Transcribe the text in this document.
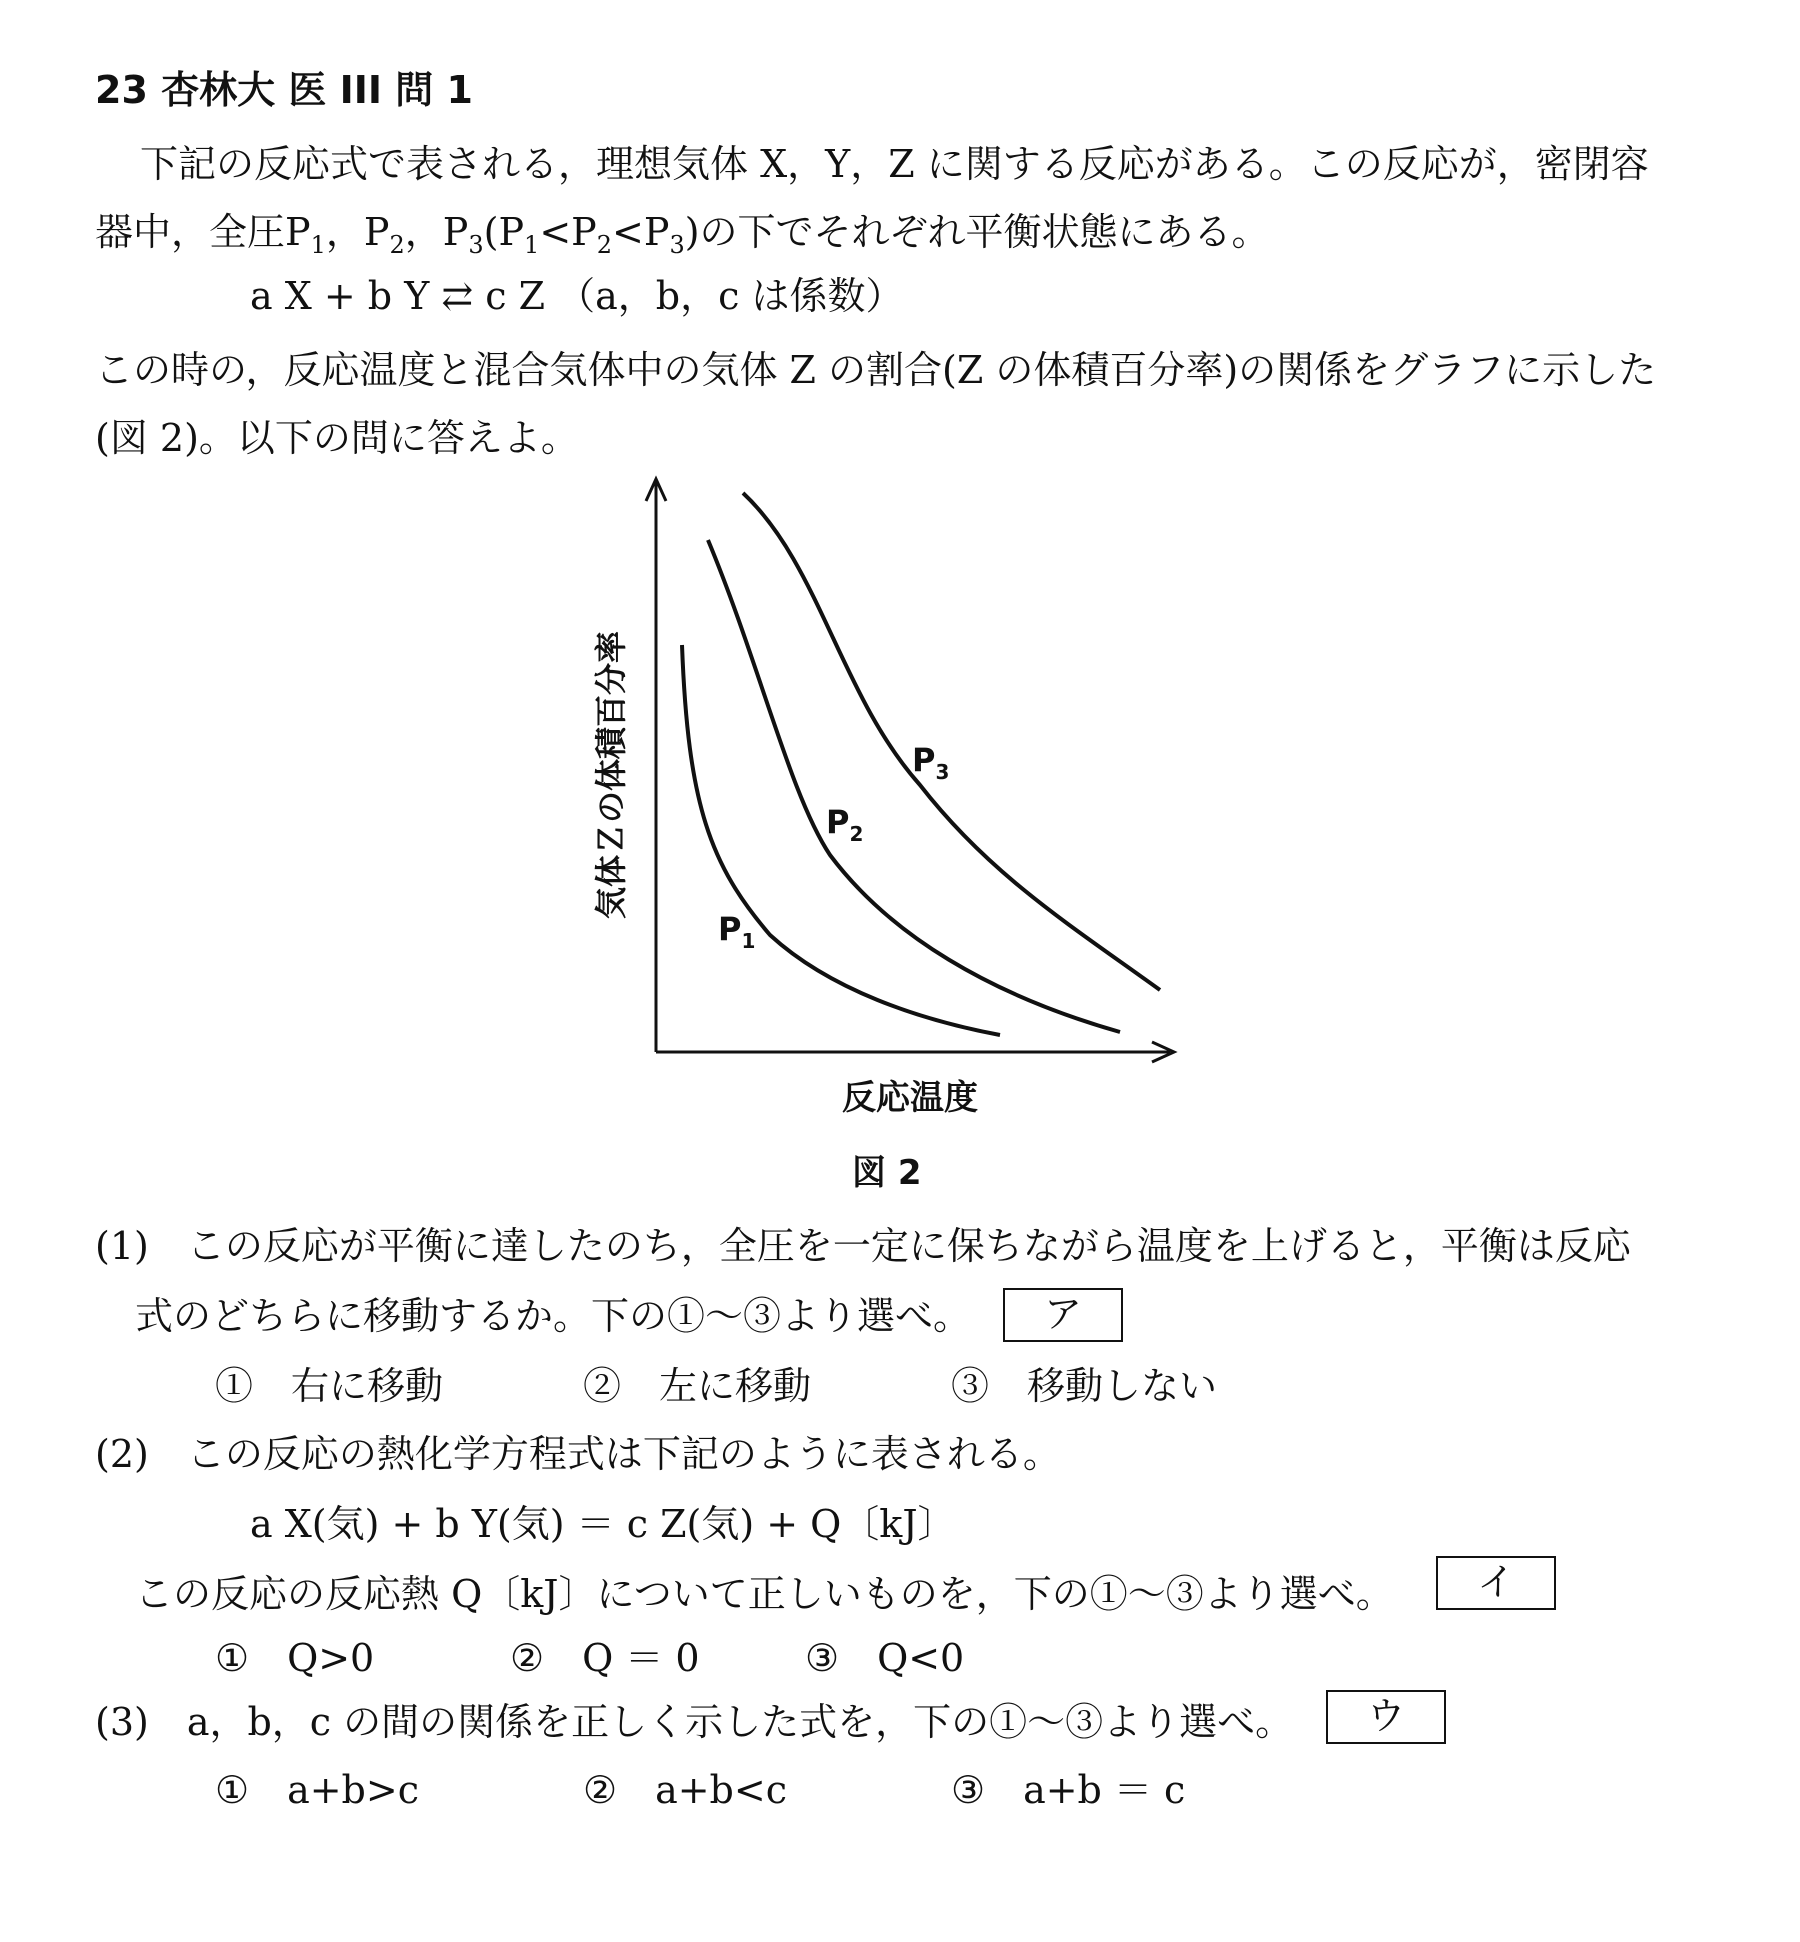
23 杏林大 医 III 問 1
下記の反応式で表される，理想気体 X，Y，Z に関する反応がある。この反応が，密閉容
器中，全圧$P_1$，$P_2$，$P_3(P_1<P_2<P_3)$の下でそれぞれ平衡状態にある。
a X + b Y ⇄ c Z （a，b，c は係数）
この時の，反応温度と混合気体中の気体 Z の割合(Z の体積百分率)の関係をグラフに示した
(図 2)。以下の問に答えよ。
気体Ｚの体積百分率
$P_1$
$P_2$
$P_3$
反応温度
図 2
(1)　この反応が平衡に達したのち，全圧を一定に保ちながら温度を上げると，平衡は反応
式のどちらに移動するか。下の①～③より選べ。	ア
①　右に移動	②　左に移動	③　移動しない
(2)　この反応の熱化学方程式は下記のように表される。
a X(気) + b Y(気) ＝ c Z(気) + Q〔kJ〕
この反応の反応熱 Q〔kJ〕について正しいものを，下の①～③より選べ。	イ
①　Q>0	②　Q ＝ 0	③　Q<0
(3)　a，b，c の間の関係を正しく示した式を，下の①～③より選べ。	ウ
①　a+b>c	②　a+b<c	③　a+b ＝ c
